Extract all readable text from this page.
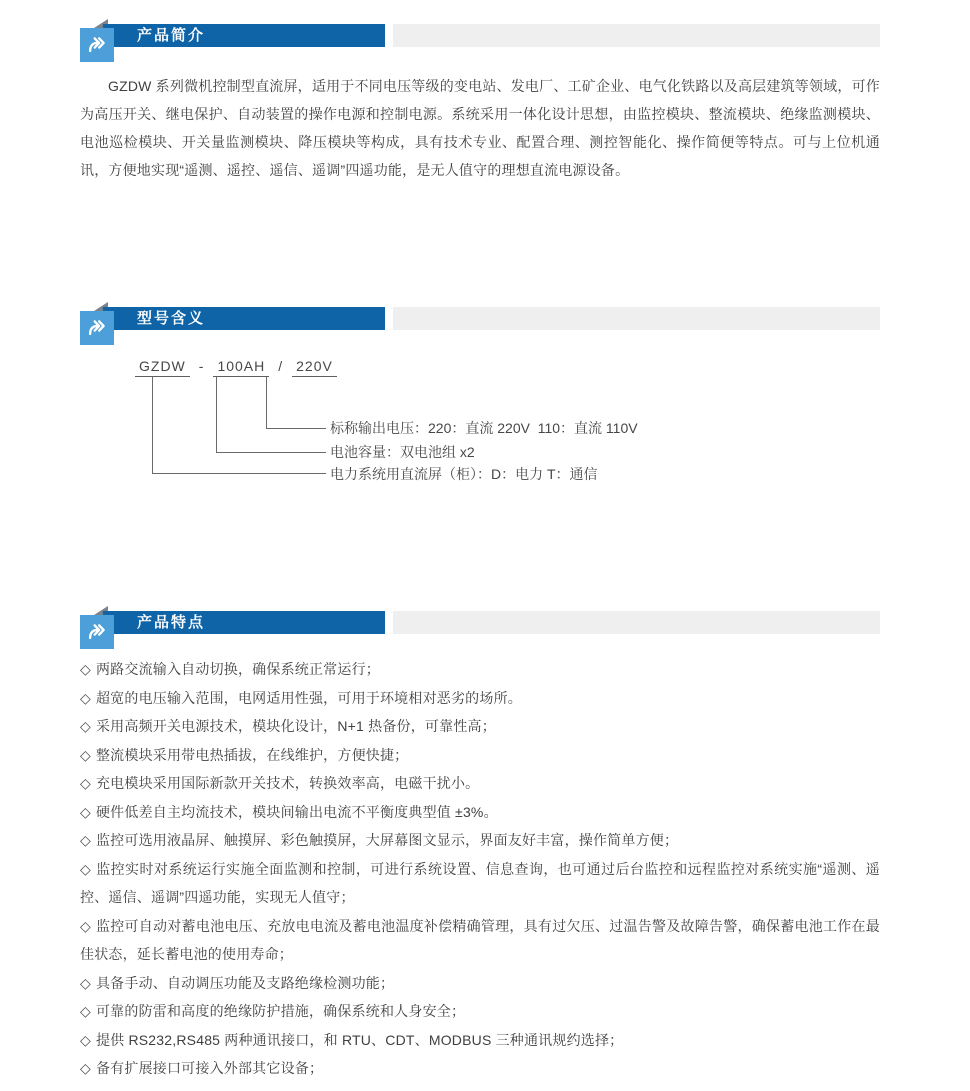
产品简介

GZDW 系列微机控制型直流屏，适用于不同电压等级的变电站、发电厂、工矿企业、电气化铁路以及高层建筑等领域，可作为高压开关、继电保护、自动装置的操作电源和控制电源。系统采用一体化设计思想，由监控模块、整流模块、绝缘监测模块、电池巡检模块、开关量监测模块、降压模块等构成，具有技术专业、配置合理、测控智能化、操作简便等特点。可与上位机通讯，方便地实现“遥测、遥控、遥信、遥调”四遥功能，是无人值守的理想直流电源设备。

型号含义
GZDW - 100AH / 220V
标称输出电压：220：直流 220V  110：直流 110V
电池容量：双电池组 x2
电力系统用直流屏（柜）：D：电力 T：通信
产品特点
◇ 两路交流输入自动切换，确保系统正常运行；
◇ 超宽的电压输入范围，电网适用性强，可用于环境相对恶劣的场所。
◇ 采用高频开关电源技术，模块化设计，N+1 热备份，可靠性高；
◇ 整流模块采用带电热插拔，在线维护，方便快捷；
◇ 充电模块采用国际新款开关技术，转换效率高，电磁干扰小。
◇ 硬件低差自主均流技术，模块间输出电流不平衡度典型值 ±3%。
◇ 监控可选用液晶屏、触摸屏、彩色触摸屏，大屏幕图文显示，界面友好丰富，操作简单方便；
◇ 监控实时对系统运行实施全面监测和控制，可进行系统设置、信息查询，也可通过后台监控和远程监控对系统实施“遥测、遥控、遥信、遥调”四遥功能，实现无人值守；
◇ 监控可自动对蓄电池电压、充放电电流及蓄电池温度补偿精确管理，具有过欠压、过温告警及故障告警，确保蓄电池工作在最佳状态，延长蓄电池的使用寿命；
◇ 具备手动、自动调压功能及支路绝缘检测功能；
◇ 可靠的防雷和高度的绝缘防护措施，确保系统和人身安全；
◇ 提供 RS232,RS485 两种通讯接口，和 RTU、CDT、MODBUS 三种通讯规约选择；
◇ 备有扩展接口可接入外部其它设备；
